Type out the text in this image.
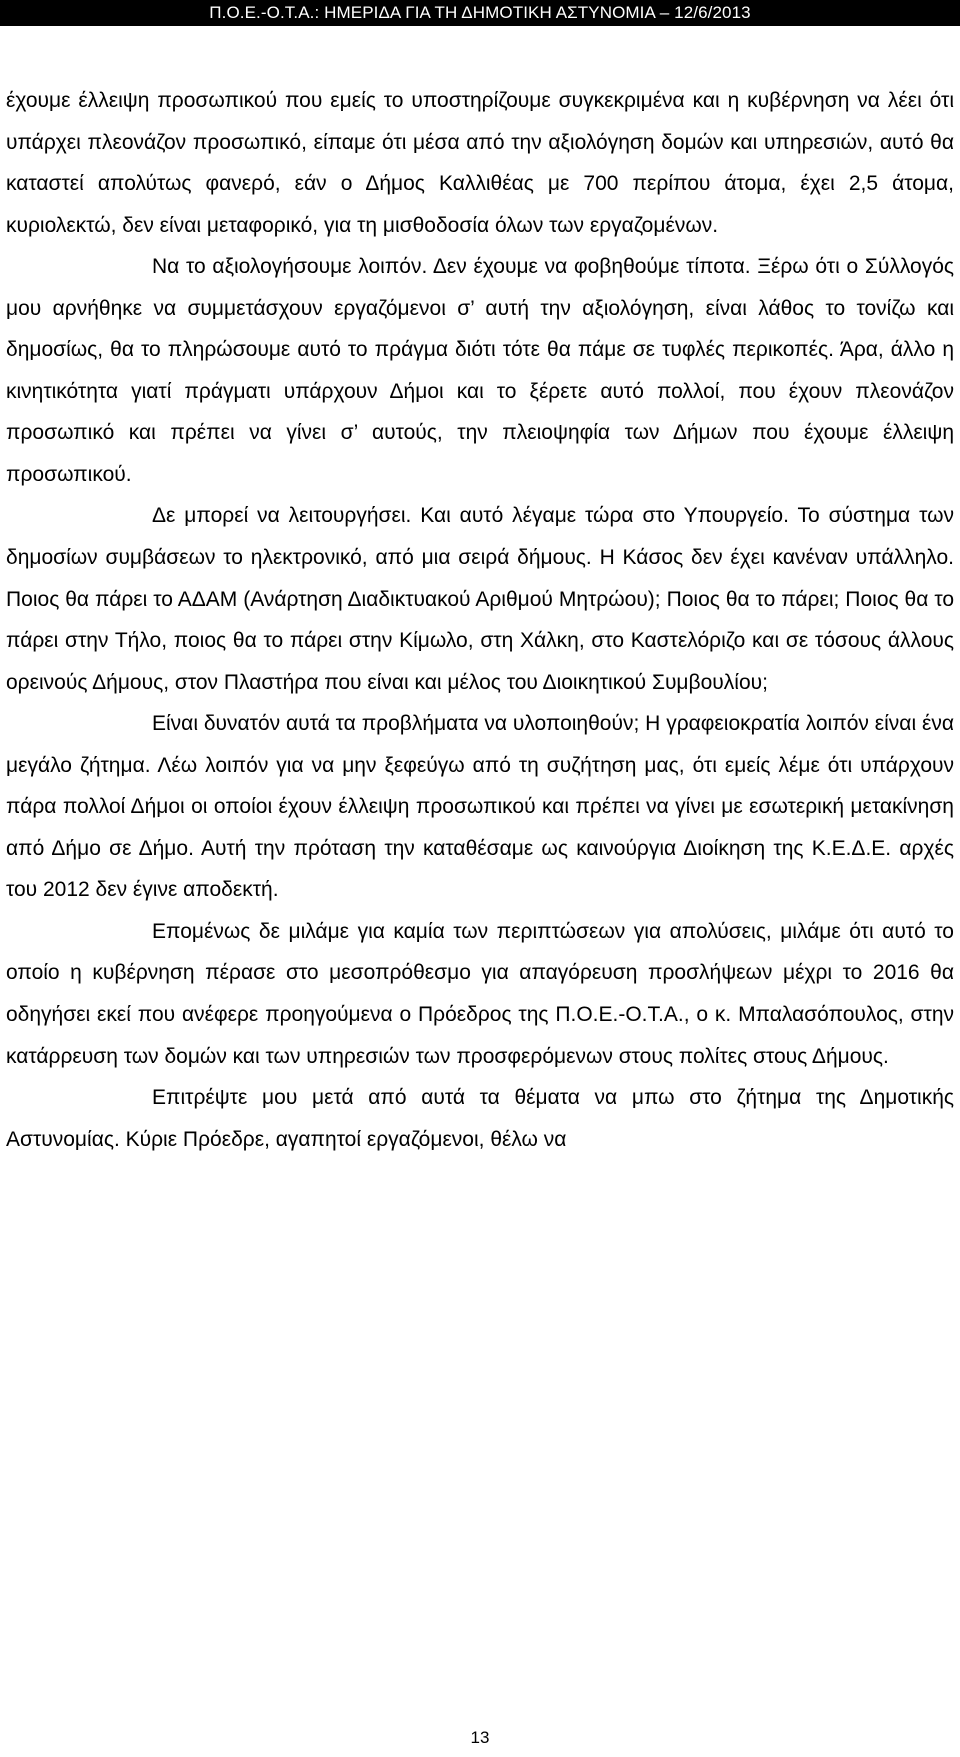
Π.Ο.Ε.-Ο.Τ.Α.: ΗΜΕΡΙΔΑ ΓΙΑ ΤΗ ΔΗΜΟΤΙΚΗ ΑΣΤΥΝΟΜΙΑ – 12/6/2013

έχουμε έλλειψη προσωπικού που εμείς το υποστηρίζουμε συγκεκριμένα και η κυβέρνηση να λέει ότι υπάρχει πλεονάζον προσωπικό, είπαμε ότι μέσα από την αξιολόγηση δομών και υπηρεσιών, αυτό θα καταστεί απολύτως φανερό, εάν ο Δήμος Καλλιθέας με 700 περίπου άτομα, έχει 2,5 άτομα, κυριολεκτώ, δεν είναι μεταφορικό, για τη μισθοδοσία όλων των εργαζομένων.

Να το αξιολογήσουμε λοιπόν. Δεν έχουμε να φοβηθούμε τίποτα. Ξέρω ότι ο Σύλλογός μου αρνήθηκε να συμμετάσχουν εργαζόμενοι σ’ αυτή την αξιολόγηση, είναι λάθος το τονίζω και δημοσίως, θα το πληρώσουμε αυτό το πράγμα διότι τότε θα πάμε σε τυφλές περικοπές. Άρα, άλλο η κινητικότητα γιατί πράγματι υπάρχουν Δήμοι και το ξέρετε αυτό πολλοί, που έχουν πλεονάζον προσωπικό και πρέπει να γίνει σ’ αυτούς, την πλειοψηφία των Δήμων που έχουμε έλλειψη προσωπικού.

Δε μπορεί να λειτουργήσει. Και αυτό λέγαμε τώρα στο Υπουργείο. Το σύστημα των δημοσίων συμβάσεων το ηλεκτρονικό, από μια σειρά δήμους. Η Κάσος δεν έχει κανέναν υπάλληλο. Ποιος θα πάρει το ΑΔΑΜ (Ανάρτηση Διαδικτυακού Αριθμού Μητρώου); Ποιος θα το πάρει; Ποιος θα το πάρει στην Τήλο, ποιος θα το πάρει στην Κίμωλο, στη Χάλκη, στο Καστελόριζο και σε τόσους άλλους ορεινούς Δήμους, στον Πλαστήρα που είναι και μέλος του Διοικητικού Συμβουλίου;

Είναι δυνατόν αυτά τα προβλήματα να υλοποιηθούν; Η γραφειοκρατία λοιπόν είναι ένα μεγάλο ζήτημα. Λέω λοιπόν για να μην ξεφεύγω από τη συζήτηση μας, ότι εμείς λέμε ότι υπάρχουν πάρα πολλοί Δήμοι οι οποίοι έχουν έλλειψη προσωπικού και πρέπει να γίνει με εσωτερική μετακίνηση από Δήμο σε Δήμο. Αυτή την πρόταση την καταθέσαμε ως καινούργια Διοίκηση της Κ.Ε.Δ.Ε. αρχές του 2012 δεν έγινε αποδεκτή.

Επομένως δε μιλάμε για καμία των περιπτώσεων για απολύσεις, μιλάμε ότι αυτό το οποίο η κυβέρνηση πέρασε στο μεσοπρόθεσμο για απαγόρευση προσλήψεων μέχρι το 2016 θα οδηγήσει εκεί που ανέφερε προηγούμενα ο Πρόεδρος της Π.Ο.Ε.-Ο.Τ.Α., ο κ. Μπαλασόπουλος, στην κατάρρευση των δομών και των υπηρεσιών των προσφερόμενων στους πολίτες στους Δήμους.

Επιτρέψτε μου μετά από αυτά τα θέματα να μπω στο ζήτημα της Δημοτικής Αστυνομίας. Κύριε Πρόεδρε, αγαπητοί εργαζόμενοι, θέλω να

13
